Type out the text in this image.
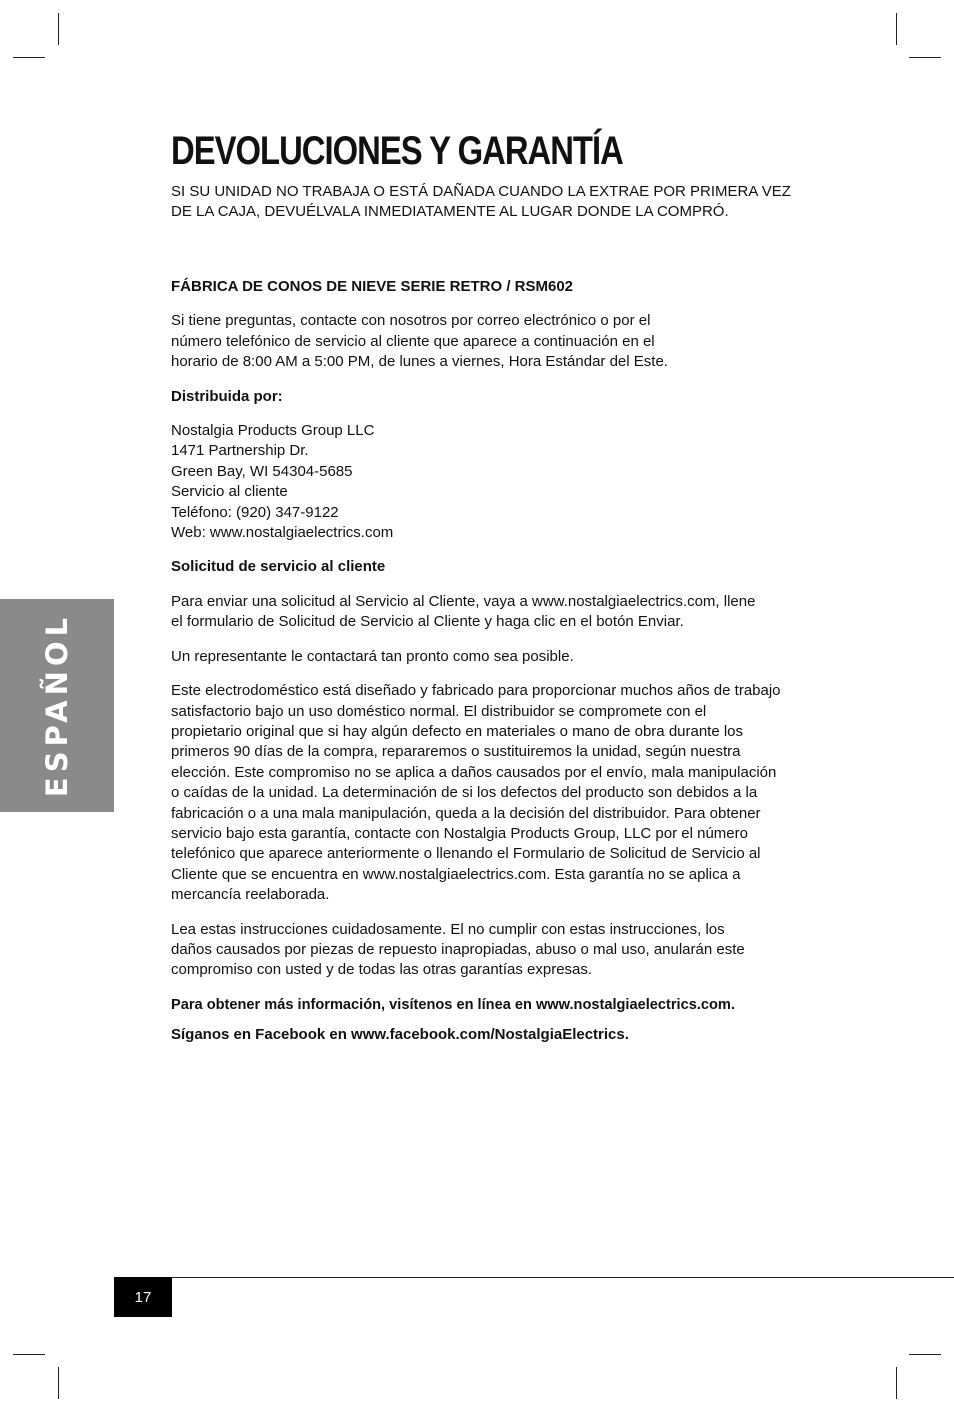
ESPAÑOL
DEVOLUCIONES Y GARANTÍA

SI SU UNIDAD NO TRABAJA O ESTÁ DAÑADA CUANDO LA EXTRAE POR PRIMERA VEZ DE LA CAJA, DEVUÉLVALA INMEDIATAMENTE AL LUGAR DONDE LA COMPRÓ.

FÁBRICA DE CONOS DE NIEVE SERIE RETRO / RSM602

Si tiene preguntas, contacte con nosotros por correo electrónico o por el número telefónico de servicio al cliente que aparece a continuación en el horario de 8:00 AM a 5:00 PM, de lunes a viernes, Hora Estándar del Este.

Distribuida por:

Nostalgia Products Group LLC

1471 Partnership Dr.

Green Bay, WI 54304-5685

Servicio al cliente

Teléfono: (920) 347-9122

Web: www.nostalgiaelectrics.com

Solicitud de servicio al cliente

Para enviar una solicitud al Servicio al Cliente, vaya a www.nostalgiaelectrics.com, llene el formulario de Solicitud de Servicio al Cliente y haga clic en el botón Enviar.

Un representante le contactará tan pronto como sea posible.

Este electrodoméstico está diseñado y fabricado para proporcionar muchos años de trabajo satisfactorio bajo un uso doméstico normal. El distribuidor se compromete con el propietario original que si hay algún defecto en materiales o mano de obra durante los primeros 90 días de la compra, repararemos o sustituiremos la unidad, según nuestra elección. Este compromiso no se aplica a daños causados por el envío, mala manipulación o caídas de la unidad. La determinación de si los defectos del producto son debidos a la fabricación o a una mala manipulación, queda a la decisión del distribuidor. Para obtener servicio bajo esta garantía, contacte con Nostalgia Products Group, LLC por el número telefónico que aparece anteriormente o llenando el Formulario de Solicitud de Servicio al Cliente que se encuentra en www.nostalgiaelectrics.com. Esta garantía no se aplica a mercancía reelaborada.

Lea estas instrucciones cuidadosamente. El no cumplir con estas instrucciones, los daños causados por piezas de repuesto inapropiadas, abuso o mal uso, anularán este compromiso con usted y de todas las otras garantías expresas.

Para obtener más información, visítenos en línea en www.nostalgiaelectrics.com.

Síganos en Facebook en www.facebook.com/NostalgiaElectrics.

17
